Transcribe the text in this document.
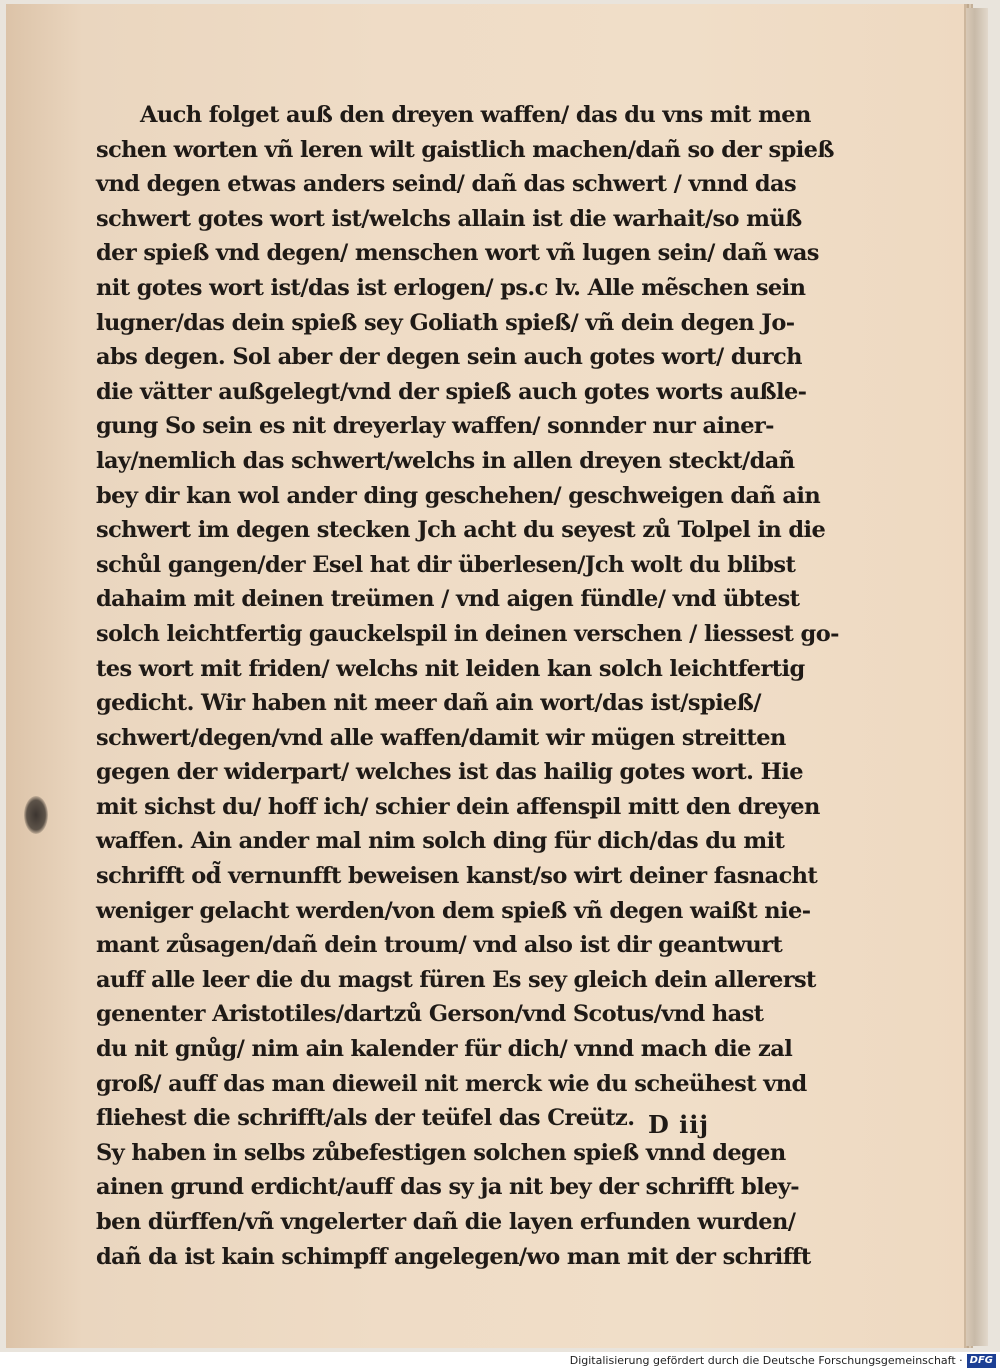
Auch folget auß den dreyen waffen/ das du vns mit men
schen worten vñ leren wilt gaistlich machen/dañ so der spieß
vnd degen etwas anders seind/ dañ das schwert / vnnd das
schwert gotes wort ist/welchs allain ist die warhait/so müß
der spieß vnd degen/ menschen wort vñ lugen sein/ dañ was
nit gotes wort ist/das ist erlogen/ ps.c lv. Alle mẽschen sein
lugner/das dein spieß sey Goliath spieß/ vñ dein degen Jo-
abs degen. Sol aber der degen sein auch gotes wort/ durch
die vätter außgelegt/vnd der spieß auch gotes worts außle-
gung So sein es nit dreyerlay waffen/ sonnder nur ainer-
lay/nemlich das schwert/welchs in allen dreyen steckt/dañ
bey dir kan wol ander ding geschehen/ geschweigen dañ ain
schwert im degen stecken Jch acht du seyest zů Tolpel in die
schůl gangen/der Esel hat dir überlesen/Jch wolt du blibst
dahaim mit deinen treümen / vnd aigen fündle/ vnd übtest
solch leichtfertig gauckelspil in deinen verschen / liessest go-
tes wort mit friden/ welchs nit leiden kan solch leichtfertig
gedicht. Wir haben nit meer dañ ain wort/das ist/spieß/
schwert/degen/vnd alle waffen/damit wir mügen streitten
gegen der widerpart/ welches ist das hailig gotes wort. Hie
mit sichst du/ hoff ich/ schier dein affenspil mitt den dreyen
waffen. Ain ander mal nim solch ding für dich/das du mit
schrifft od̃ vernunfft beweisen kanst/so wirt deiner fasnacht
weniger gelacht werden/von dem spieß vñ degen waißt nie-
mant zůsagen/dañ dein troum/ vnd also ist dir geantwurt
auff alle leer die du magst füren Es sey gleich dein allererst
genenter Aristotiles/dartzů Gerson/vnd Scotus/vnd hast
du nit gnůg/ nim ain kalender für dich/ vnnd mach die zal
groß/ auff das man dieweil nit merck wie du scheühest vnd
fliehest die schrifft/als der teüfel das Creütz.
Sy haben in selbs zůbefestigen solchen spieß vnnd degen
ainen grund erdicht/auff das sy ja nit bey der schrifft bley-
ben dürffen/vñ vngelerter dañ die layen erfunden wurden/
dañ da ist kain schimpff angelegen/wo man mit der schrifft
D iij
Digitalisierung gefördert durch die Deutsche Forschungsgemeinschaft · DFG
